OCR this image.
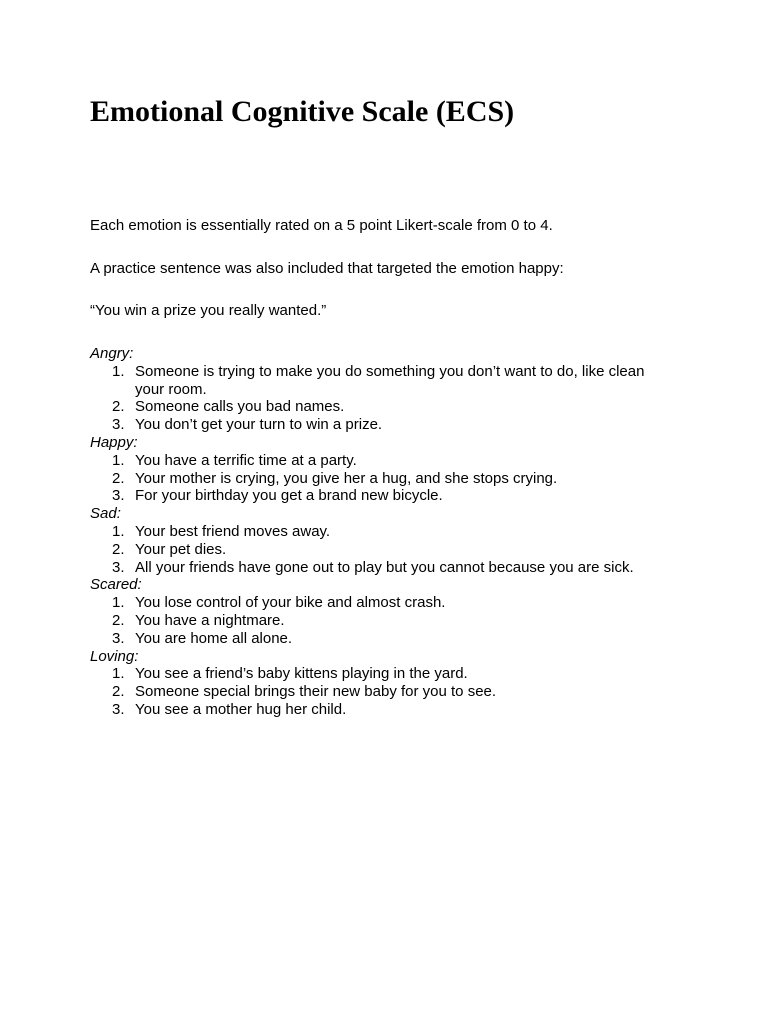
Emotional Cognitive Scale (ECS)

Each emotion is essentially rated on a 5 point Likert-scale from 0 to 4.

A practice sentence was also included that targeted the emotion happy:

“You win a prize you really wanted.”

Angry:
1. Someone is trying to make you do something you don’t want to do, like clean your room.
2. Someone calls you bad names.
3. You don’t get your turn to win a prize.
Happy:
1. You have a terrific time at a party.
2. Your mother is crying, you give her a hug, and she stops crying.
3. For your birthday you get a brand new bicycle.
Sad:
1. Your best friend moves away.
2. Your pet dies.
3. All your friends have gone out to play but you cannot because you are sick.
Scared:
1. You lose control of your bike and almost crash.
2. You have a nightmare.
3. You are home all alone.
Loving:
1. You see a friend’s baby kittens playing in the yard.
2. Someone special brings their new baby for you to see.
3. You see a mother hug her child.
